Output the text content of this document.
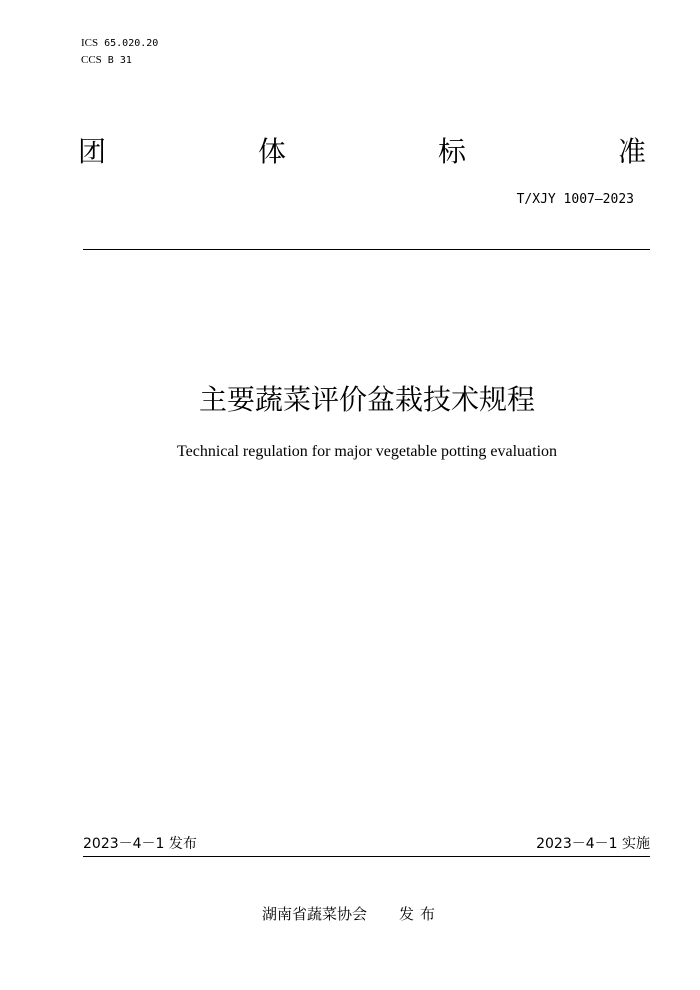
ICS 65.020.20
CCS B 31
团	体	标	准
T/XJY 1007—2023
主要蔬菜评价盆栽技术规程
Technical regulation for major vegetable potting evaluation
2023－4－1 发布	2023－4－1 实施
湖南省蔬菜协会 发布
